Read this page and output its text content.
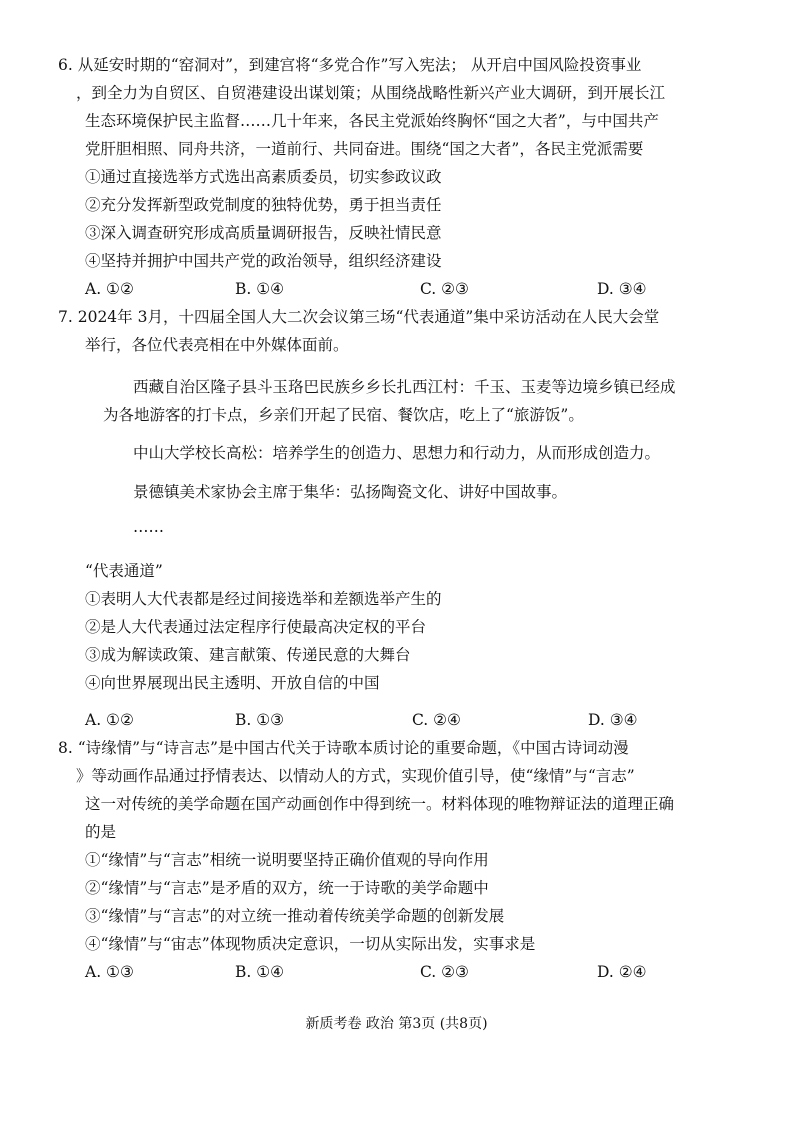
6. 从延安时期的“窑洞对”，到建宫将“多党合作”写入宪法； 从开启中国风险投资事业
，到全力为自贸区、自贸港建设出谋划策；从围绕战略性新兴产业大调研，到开展长江
生态环境保护民主监督……几十年来，各民主党派始终胸怀“国之大者”，与中国共产
党肝胆相照、同舟共济，一道前行、共同奋进。围绕“国之大者”，各民主党派需要
①通过直接选举方式选出高素质委员，切实参政议政
②充分发挥新型政党制度的独特优势，勇于担当责任
③深入调查研究形成高质量调研报告，反映社情民意
④坚持并拥护中国共产党的政治领导，组织经济建设
A. ①②	B. ①④	C. ②③	D. ③④
7. 2024年 3月，十四届全国人大二次会议第三场“代表通道”集中采访活动在人民大会堂
举行，各位代表亮相在中外媒体面前。
西藏自治区隆子县斗玉珞巴民族乡乡长扎西江村：千玉、玉麦等边境乡镇已经成
为各地游客的打卡点，乡亲们开起了民宿、餐饮店，吃上了“旅游饭”。
中山大学校长高松：培养学生的创造力、思想力和行动力，从而形成创造力。
景德镇美术家协会主席于集华：弘扬陶瓷文化、讲好中国故事。
……
“代表通道”
①表明人大代表都是经过间接选举和差额选举产生的
②是人大代表通过法定程序行使最高决定权的平台
③成为解读政策、建言献策、传递民意的大舞台
④向世界展现出民主透明、开放自信的中国
A. ①②	B. ①③	C. ②④	D. ③④
8. “诗缘情”与“诗言志”是中国古代关于诗歌本质讨论的重要命题，《中国古诗词动漫
》等动画作品通过抒情表达、以情动人的方式，实现价值引导，使“缘情”与“言志”
这一对传统的美学命题在国产动画创作中得到统一。材料体现的唯物辩证法的道理正确
的是
①“缘情”与“言志”相统一说明要坚持正确价值观的导向作用
②“缘情”与“言志”是矛盾的双方，统一于诗歌的美学命题中
③“缘情”与“言志”的对立统一推动着传统美学命题的创新发展
④“缘情”与“宙志”体现物质决定意识，一切从实际出发，实事求是
A. ①③	B. ①④	C. ②③	D. ②④
新质考卷 政治 第3页 (共8页)
